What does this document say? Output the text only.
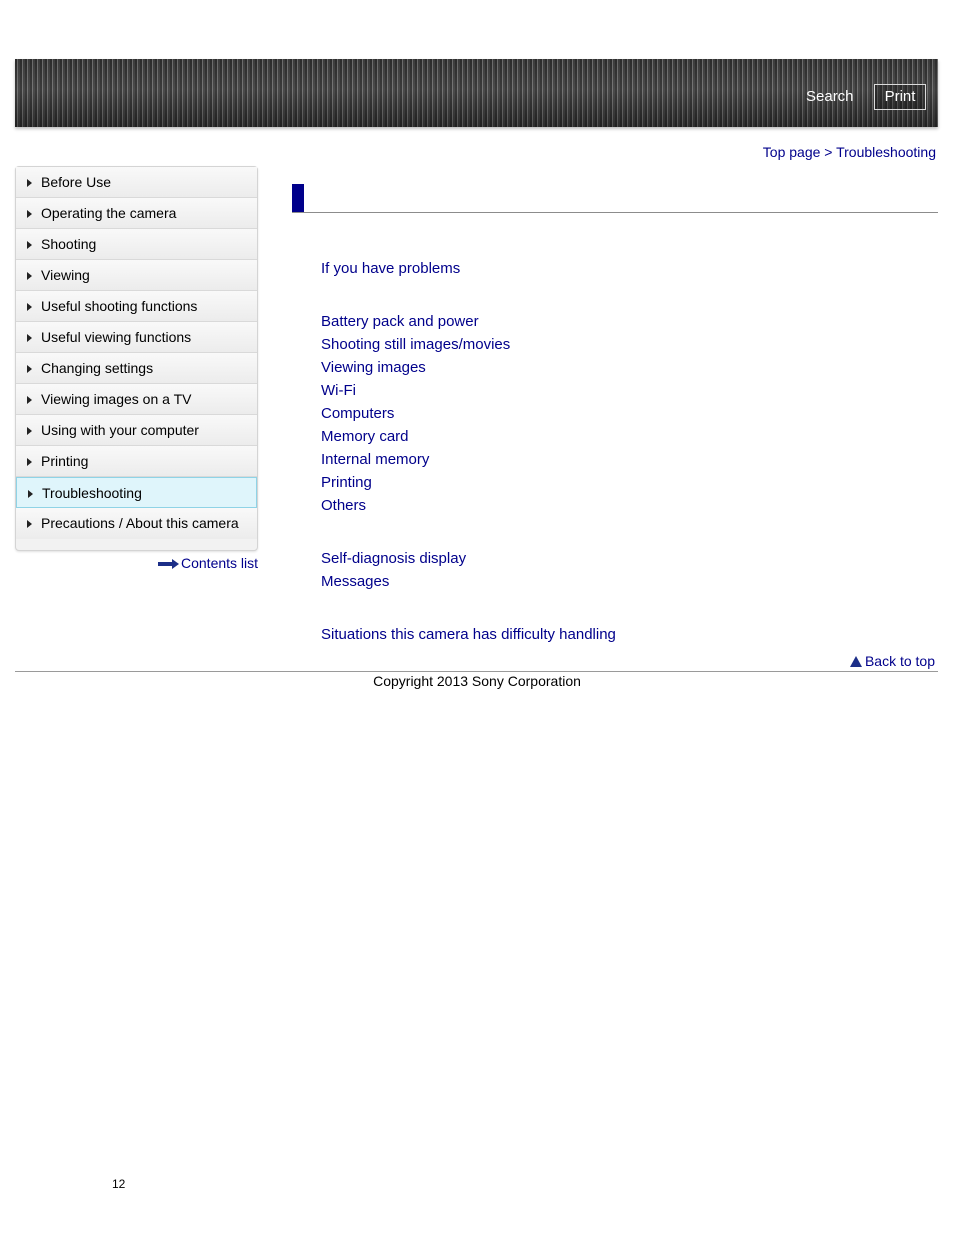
Search	Print
Top page > Troubleshooting
Before Use
Operating the camera
Shooting
Viewing
Useful shooting functions
Useful viewing functions
Changing settings
Viewing images on a TV
Using with your computer
Printing
Troubleshooting
Precautions / About this camera
Contents list
If you have problems
Battery pack and power
Shooting still images/movies
Viewing images
Wi-Fi
Computers
Memory card
Internal memory
Printing
Others
Self-diagnosis display
Messages
Situations this camera has difficulty handling
Back to top
Copyright 2013 Sony Corporation
12
